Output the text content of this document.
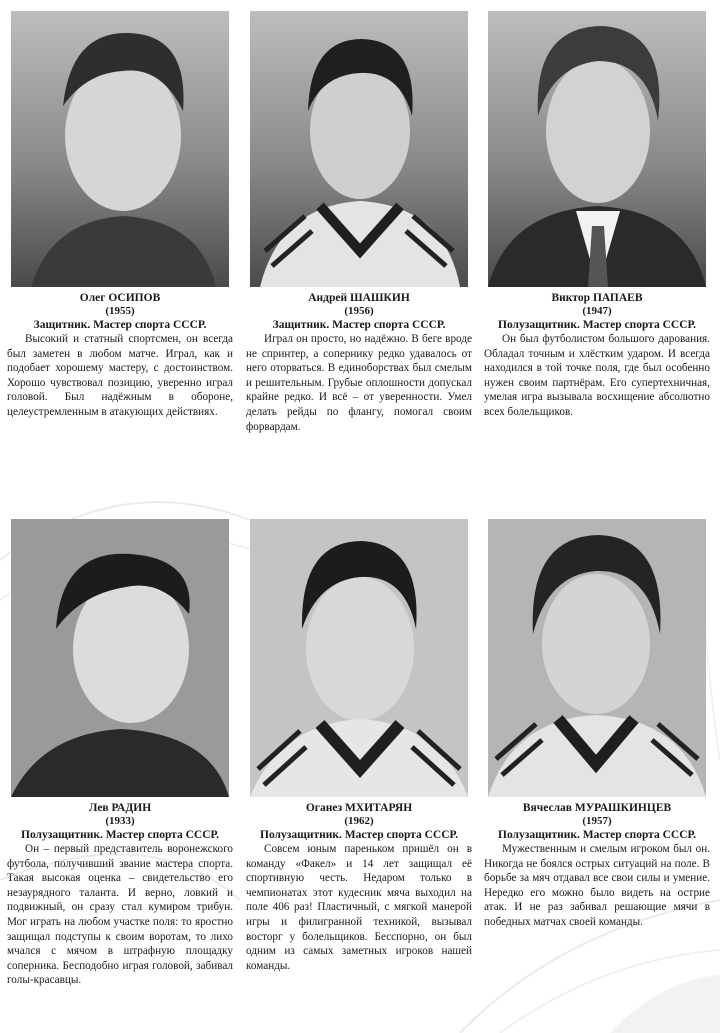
Олег ОСИПОВ
(1955)
Защитник. Мастер спорта СССР.

Высокий и статный спортсмен, он всегда был заметен в любом матче. Играл, как и подобает хорошему мастеру, с достоинством. Хорошо чувствовал позицию, уверенно играл головой. Был надёжным в обороне, целеустремленным в атакующих действиях.

Андрей ШАШКИН
(1956)
Защитник. Мастер спорта СССР.

Играл он просто, но надёжно. В беге вроде не спринтер, а сопернику редко удавалось от него оторваться. В единоборствах был смелым и решительным. Грубые оплошности допускал крайне редко. И всё – от уверенности. Умел делать рейды по флангу, помогал своим форвардам.

Виктор ПАПАЕВ
(1947)
Полузащитник. Мастер спорта СССР.

Он был футболистом большого дарования. Обладал точным и хлёстким ударом. И всегда находился в той точке поля, где был особенно нужен своим партнёрам. Его супертехничная, умелая игра вызывала восхищение абсолютно всех болельщиков.

Лев РАДИН
(1933)
Полузащитник. Мастер спорта СССР.

Он – первый представитель воронежского футбола, получивший звание мастера спорта. Такая высокая оценка – свидетельство его незаурядного таланта. И верно, ловкий и подвижный, он сразу стал кумиром трибун. Мог играть на любом участке поля: то яростно защищал подступы к своим воротам, то лихо мчался с мячом в штрафную площадку соперника. Бесподобно играя головой, забивал голы-красавцы.

Оганез МХИТАРЯН
(1962)
Полузащитник. Мастер спорта СССР.

Совсем юным пареньком пришёл он в команду «Факел» и 14 лет защищал её спортивную честь. Недаром только в чемпионатах этот кудесник мяча выходил на поле 406 раз! Пластичный, с мягкой манерой игры и филигранной техникой, вызывал восторг у болельщиков. Бесспорно, он был одним из самых заметных игроков нашей команды.

Вячеслав МУРАШКИНЦЕВ
(1957)
Полузащитник. Мастер спорта СССР.

Мужественным и смелым игроком был он. Никогда не боялся острых ситуаций на поле. В борьбе за мяч отдавал все свои силы и умение. Нередко его можно было видеть на острие атак. И не раз забивал решающие мячи в победных матчах своей команды.
